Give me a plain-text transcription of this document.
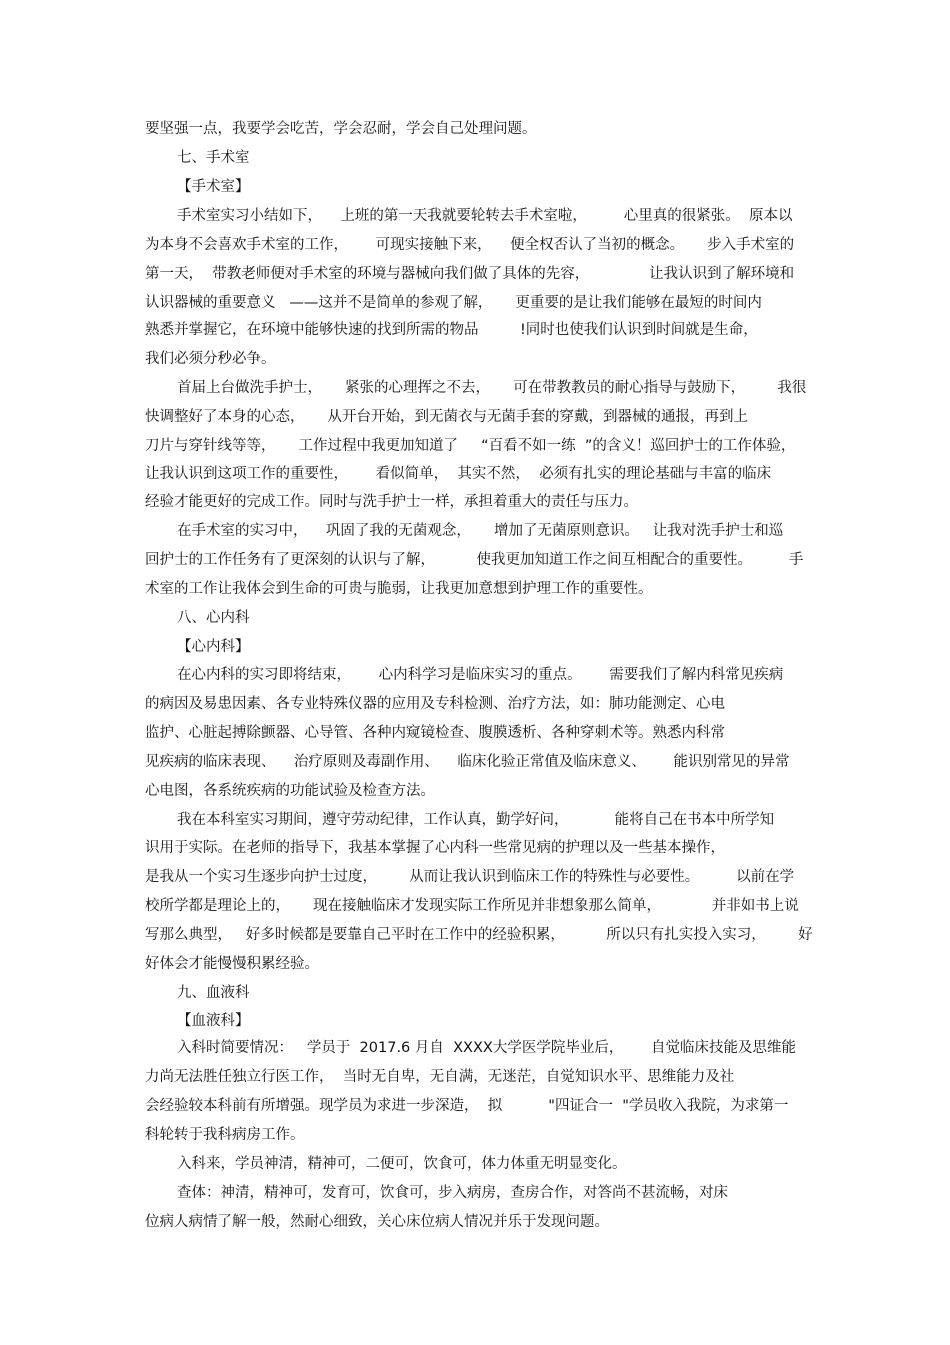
要坚强一点，我要学会吃苦，学会忍耐，学会自己处理问题。
七、手术室
【手术室】
手术室实习小结如下，    上班的第一天我就要轮转去手术室啦，        心里真的很紧张。  原本以
为本身不会喜欢手术室的工作，      可现实接触下来，    便全权否认了当初的概念。     步入手术室的
第一天，  带教老师便对手术室的环境与器械向我们做了具体的先容，             让我认识到了解环境和
认识器械的重要意义   ——这并不是简单的参观了解，     更重要的是让我们能够在最短的时间内
熟悉并掌握它，在环境中能够快速的找到所需的物品         !同时也使我们认识到时间就是生命，
我们必须分秒必争。
首届上台做洗手护士，     紧张的心理挥之不去，     可在带教教员的耐心指导与鼓励下，       我很
快调整好了本身的心态，     从开台开始，到无菌衣与无菌手套的穿戴，到器械的通报，再到上
刀片与穿针线等等，     工作过程中我更加知道了     “百看不如一练  ”的含义！巡回护士的工作体验，
让我认识到这项工作的重要性，      看似简单，  其实不然，  必须有扎实的理论基础与丰富的临床
经验才能更好的完成工作。同时与洗手护士一样，承担着重大的责任与压力。
在手术室的实习中，    巩固了我的无菌观念，     增加了无菌原则意识。   让我对洗手护士和巡
回护士的工作任务有了更深刻的认识与了解，         使我更加知道工作之间互相配合的重要性。        手
术室的工作让我体会到生命的可贵与脆弱，让我更加意想到护理工作的重要性。
八、心内科
【心内科】
在心内科的实习即将结束，      心内科学习是临床实习的重点。      需要我们了解内科常见疾病
的病因及易患因素、各专业特殊仪器的应用及专科检测、治疗方法，如：肺功能测定、心电
监护、心脏起搏除颤器、心导管、各种内窥镜检查、腹膜透析、各种穿刺术等。熟悉内科常
见疾病的临床表现、    治疗原则及毒副作用、    临床化验正常值及临床意义、      能识别常见的异常
心电图，各系统疾病的功能试验及检查方法。
我在本科室实习期间，遵守劳动纪律，工作认真，勤学好问，          能将自己在书本中所学知
识用于实际。在老师的指导下，我基本掌握了心内科一些常见病的护理以及一些基本操作，
是我从一个实习生逐步向护士过度，       从而让我认识到临床工作的特殊性与必要性。        以前在学
校所学都是理论上的，     现在接触临床才发现实际工作所见并非想象那么简单，           并非如书上说
写那么典型，   好多时候都是要靠自己平时在工作中的经验积累，         所以只有扎实投入实习，       好
好体会才能慢慢积累经验。
九、血液科
【血液科】
入科时简要情况：   学员于  2017.6 月自  XXXX大学医学院毕业后，      自觉临床技能及思维能
力尚无法胜任独立行医工作，  当时无自卑，无自满，无迷茫，自觉知识水平、思维能力及社
会经验较本科前有所增强。现学员为求进一步深造，  拟          "四证合一  "学员收入我院，为求第一
科轮转于我科病房工作。
入科来，学员神清，精神可，二便可，饮食可，体力体重无明显变化。
查体：神清，精神可，发育可，饮食可，步入病房，查房合作，对答尚不甚流畅，对床
位病人病情了解一般，然耐心细致，关心床位病人情况并乐于发现问题。
